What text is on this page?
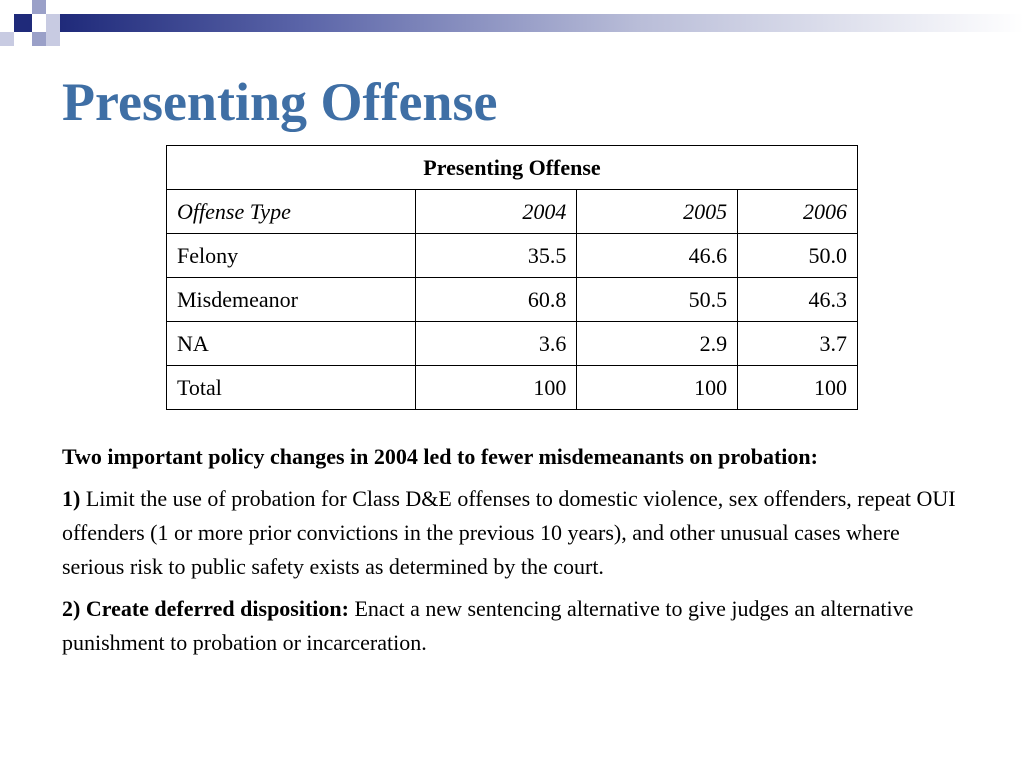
Presenting Offense
Presenting Offense			
Offense Type	2004	2005	2006
Felony	35.5	46.6	50.0
Misdemeanor	60.8	50.5	46.3
NA	3.6	2.9	3.7
Total	100	100	100

Two important policy changes in 2004 led to fewer misdemeanants on probation:

1) Limit the use of probation for Class D&E offenses to domestic violence, sex offenders, repeat OUI offenders (1 or more prior convictions in the previous 10 years), and other unusual cases where serious risk to public safety exists as determined by the court.

2) Create deferred disposition: Enact a new sentencing alternative to give judges an alternative punishment to probation or incarceration.
